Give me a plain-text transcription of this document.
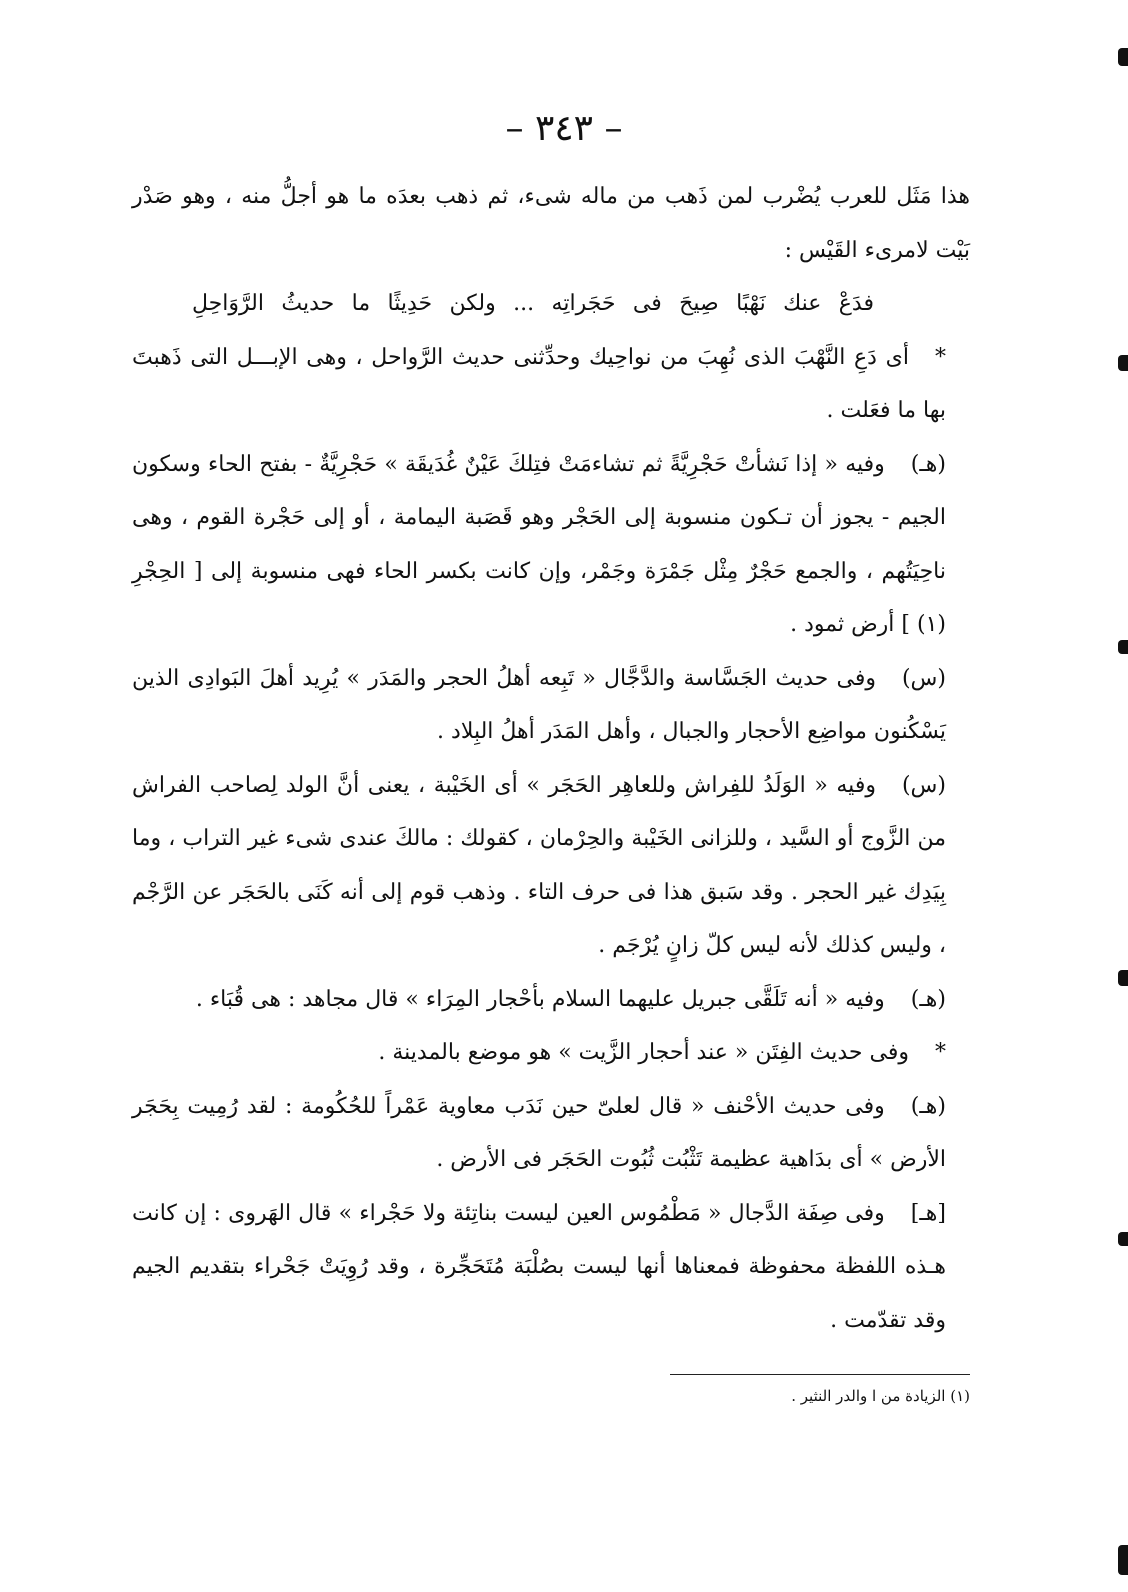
– ٣٤٣ –

هذا مَثَل للعرب يُضْرب لمن ذَهب من ماله شىء، ثم ذهب بعدَه ما هو أجلُّ منه ، وهو صَدْر بَيْت لامرىء القَيْس :

فدَعْ عنك نَهْبًا صِيحَ فى حَجَراتِه ... ولكن حَدِيثًا ما حديثُ الرَّوَاحِلِ

*أى دَعِ النَّهْبَ الذى نُهِبَ من نواحِيك وحدِّثنى حديث الرَّواحل ، وهى الإبـــل التى ذَهبتَ بها ما فعَلت .

(هـ)وفيه « إذا نَشأتْ حَجْرِيَّةً ثم تشاءمَتْ فتِلكَ عَيْنٌ غُدَيقَة » حَجْرِيَّةٌ - بفتح الحاء وسكون الجيم - يجوز أن تـكون منسوبة إلى الحَجْر وهو قَصَبة اليمامة ، أو إلى حَجْرة القوم ، وهى ناحِيَتُهم ، والجمع حَجْرٌ مِثْل جَمْرَة وجَمْر، وإن كانت بكسر الحاء فهى منسوبة إلى [ الحِجْرِ (١) ] أرض ثمود .

(س)وفى حديث الجَسَّاسة والدَّجَّال « تَبِعه أهلُ الحجر والمَدَر » يُرِيد أهلَ البَوادِى الذين يَسْكُنون مواضِع الأحجار والجبال ، وأهل المَدَر أهلُ البِلاد .

(س)وفيه « الوَلَدُ للفِراش وللعاهِر الحَجَر » أى الخَيْبة ، يعنى أنَّ الولد لِصاحب الفراش من الزَّوج أو السَّيد ، وللزانى الخَيْبة والحِرْمان ، كقولك : مالكَ عندى شىء غير التراب ، وما بِيَدِك غير الحجر . وقد سَبق هذا فى حرف التاء . وذهب قوم إلى أنه كَنَى بالحَجَر عن الرَّجْم ، وليس كذلك لأنه ليس كلّ زانٍ يُرْجَم .

(هـ)وفيه « أنه تَلَقَّى جبريل عليهما السلام بأحْجار المِرَاء » قال مجاهد : هى قُبَاء .

*وفى حديث الفِتَن « عند أحجار الزَّيت » هو موضع بالمدينة .

(هـ)وفى حديث الأحْنف « قال لعلىّ حين نَدَب معاوية عَمْراً للحُكُومة : لقد رُمِيت بِحَجَر الأرض » أى بدَاهية عظيمة تَثْبُت ثُبُوت الحَجَر فى الأرض .

[هـ]وفى صِفَة الدَّجال « مَطْمُوس العين ليست بناتِئة ولا حَجْراء » قال الهَروى : إن كانت هـذه اللفظة محفوظة فمعناها أنها ليست بصُلْبَة مُتَحَجِّرة ، وقد رُوِيَتْ جَحْراء بتقديم الجيم وقد تقدّمت .

(١) الزيادة من ا والدر النثير .
